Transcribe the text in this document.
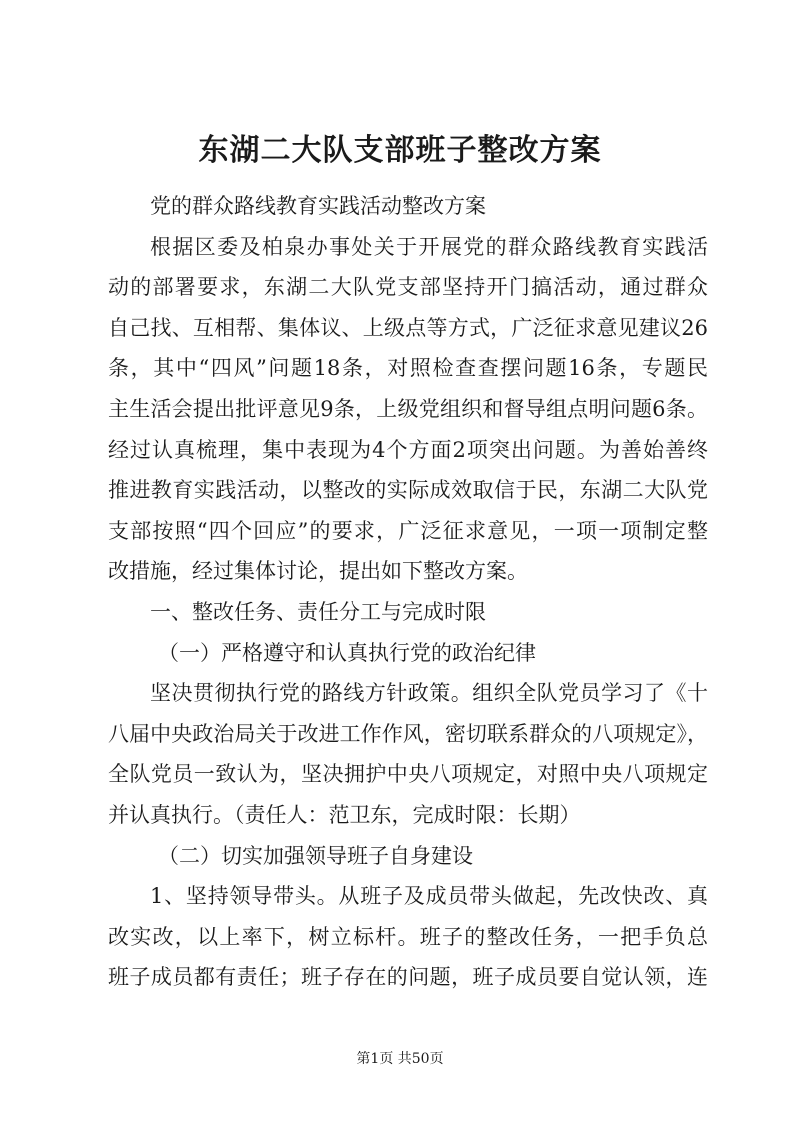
东湖二大队支部班子整改方案
党的群众路线教育实践活动整改方案
根据区委及柏泉办事处关于开展党的群众路线教育实践活
动的部署要求，东湖二大队党支部坚持开门搞活动，通过群众
自己找、互相帮、集体议、上级点等方式，广泛征求意见建议26
条，其中“四风”问题18条，对照检查查摆问题16条，专题民
主生活会提出批评意见9条，上级党组织和督导组点明问题6条。
经过认真梳理，集中表现为4个方面2项突出问题。为善始善终
推进教育实践活动，以整改的实际成效取信于民，东湖二大队党
支部按照“四个回应”的要求，广泛征求意见，一项一项制定整
改措施，经过集体讨论，提出如下整改方案。
一、整改任务、责任分工与完成时限
（一）严格遵守和认真执行党的政治纪律
坚决贯彻执行党的路线方针政策。组织全队党员学习了《十
八届中央政治局关于改进工作作风，密切联系群众的八项规定》，
全队党员一致认为，坚决拥护中央八项规定，对照中央八项规定
并认真执行。（责任人：范卫东，完成时限：长期）
（二）切实加强领导班子自身建设
1、坚持领导带头。从班子及成员带头做起，先改快改、真
改实改，以上率下，树立标杆。班子的整改任务，一把手负总
班子成员都有责任；班子存在的问题，班子成员要自觉认领，连
第1页 共50页
